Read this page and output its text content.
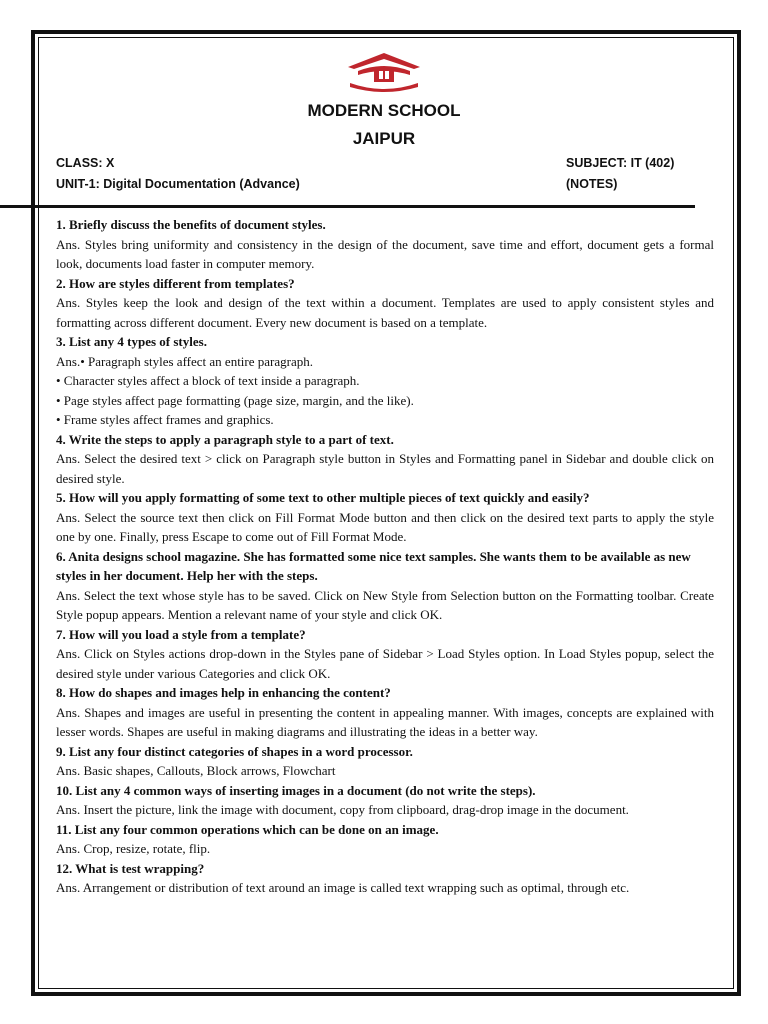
MODERN SCHOOL
JAIPUR
CLASS: X
UNIT-1: Digital Documentation (Advance)
SUBJECT: IT (402)
(NOTES)

1. Briefly discuss the benefits of document styles.

Ans. Styles bring uniformity and consistency in the design of the document, save time and effort, document gets a formal look, documents load faster in computer memory.

2. How are styles different from templates?

Ans. Styles keep the look and design of the text within a document. Templates are used to apply consistent styles and formatting across different document. Every new document is based on a template.

3. List any 4 types of styles.

Ans.• Paragraph styles affect an entire paragraph.

• Character styles affect a block of text inside a paragraph.

• Page styles affect page formatting (page size, margin, and the like).

• Frame styles affect frames and graphics.

4. Write the steps to apply a paragraph style to a part of text.

Ans. Select the desired text > click on Paragraph style button in Styles and Formatting panel in Sidebar and double click on desired style.

5. How will you apply formatting of some text to other multiple pieces of text quickly and easily?

Ans. Select the source text then click on Fill Format Mode button and then click on the desired text parts to apply the style one by one. Finally, press Escape to come out of Fill Format Mode.

6. Anita designs school magazine. She has formatted some nice text samples. She wants them to be available as new styles in her document. Help her with the steps.

Ans. Select the text whose style has to be saved. Click on New Style from Selection button on the Formatting toolbar. Create Style popup appears. Mention a relevant name of your style and click OK.

7. How will you load a style from a template?

Ans. Click on Styles actions drop-down in the Styles pane of Sidebar > Load Styles option. In Load Styles popup, select the desired style under various Categories and click OK.

8. How do shapes and images help in enhancing the content?

Ans. Shapes and images are useful in presenting the content in appealing manner. With images, concepts are explained with lesser words. Shapes are useful in making diagrams and illustrating the ideas in a better way.

9. List any four distinct categories of shapes in a word processor.

Ans. Basic shapes, Callouts, Block arrows, Flowchart

10. List any 4 common ways of inserting images in a document (do not write the steps).

Ans. Insert the picture, link the image with document, copy from clipboard, drag-drop image in the document.

11. List any four common operations which can be done on an image.

Ans. Crop, resize, rotate, flip.

12. What is test wrapping?

Ans. Arrangement or distribution of text around an image is called text wrapping such as optimal, through etc.
